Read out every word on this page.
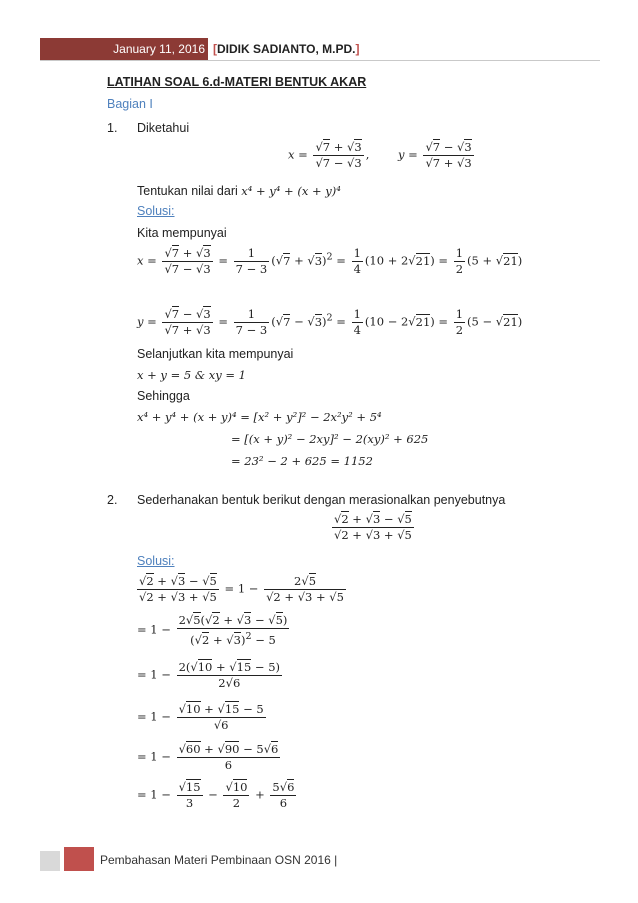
January 11, 2016 [DIDIK SADIANTO, M.PD.]
LATIHAN SOAL 6.d-MATERI BENTUK AKAR
Bagian I
1. Diketahui
$x = \frac{√7 + √3}{√7 - √3}$ , $y = \frac{√7 - √3}{√7 + √3}$
Tentukan nilai dari x⁴ + y⁴ + (x + y)⁴
Solusi:
Kita mempunyai
$x = \frac{√7 + √3}{√7 - √3} = \frac{1}{7 - 3} (√7 + √3)^2 = \frac{1}{4} (10 + 2√21) = \frac{1}{2} (5 + √21)$
$y = \frac{√7 - √3}{√7 + √3} = \frac{1}{7 - 3} (√7 - √3)^2 = \frac{1}{4} (10 - 2√21) = \frac{1}{2} (5 - √21)$
Selanjutkan kita mempunyai
x + y = 5 & xy = 1
Sehingga
x⁴ + y⁴ + (x + y)⁴ = [x² + y²]² − 2x²y² + 5⁴
= [(x + y)² − 2xy]² − 2(xy)² + 625
= 23² − 2 + 625 = 1152
2. Sederhanakan bentuk berikut dengan merasionalkan penyebutnya
$\frac{√2 + √3 - √5}{√2 + √3 + √5}$
Solusi:
$\frac{√2 + √3 - √5}{√2 + √3 + √5} = 1 - \frac{2√5}{√2 + √3 + √5}$
= $1 - \frac{2√5(√2 + √3 - √5)}{(√2 + √3)^2 - 5}$
= $1 - \frac{2(√10 + √15 - 5)}{2√6}$
= $1 - \frac{√10 + √15 - 5}{√6}$
= $1 - \frac{√60 + √90 - 5√6}{6}$
= $1 - \frac{√15}{3} - \frac{√10}{2} + \frac{5√6}{6}$
Pembahasan Materi Pembinaan OSN 2016 |
